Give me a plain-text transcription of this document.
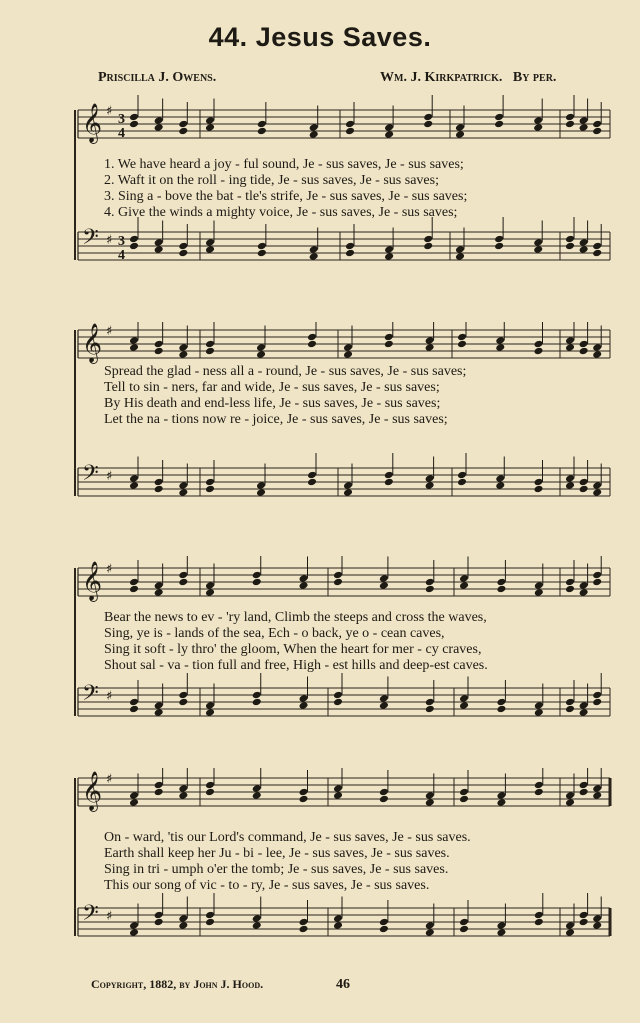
44. Jesus Saves.
Priscilla J. Owens.	Wm. J. Kirkpatrick. By per.
𝄞 ♯
3
4
𝄢 ♯ 3
4
1. We have heard a joy - ful sound, Je - sus saves, Je - sus saves;
2. Waft it on the roll - ing tide, Je - sus saves, Je - sus saves;
3. Sing a - bove the bat - tle's strife, Je - sus saves, Je - sus saves;
4. Give the winds a mighty voice, Je - sus saves, Je - sus saves;
𝄞 ♯
𝄢 ♯
Spread the glad - ness all a - round, Je - sus saves, Je - sus saves;
Tell to sin - ners, far and wide, Je - sus saves, Je - sus saves;
By His death and end-less life, Je - sus saves, Je - sus saves;
Let the na - tions now re - joice, Je - sus saves, Je - sus saves;
𝄞 ♯
𝄢 ♯
Bear the news to ev - 'ry land, Climb the steeps and cross the waves,
Sing, ye is - lands of the sea, Ech - o back, ye o - cean caves,
Sing it soft - ly thro' the gloom, When the heart for mer - cy craves,
Shout sal - va - tion full and free, High - est hills and deep-est caves.
𝄞 ♯
𝄢 ♯
On - ward, 'tis our Lord's command, Je - sus saves, Je - sus saves.
Earth shall keep her Ju - bi - lee, Je - sus saves, Je - sus saves.
Sing in tri - umph o'er the tomb; Je - sus saves, Je - sus saves.
This our song of vic - to - ry, Je - sus saves, Je - sus saves.
Copyright, 1882, by John J. Hood.	46
